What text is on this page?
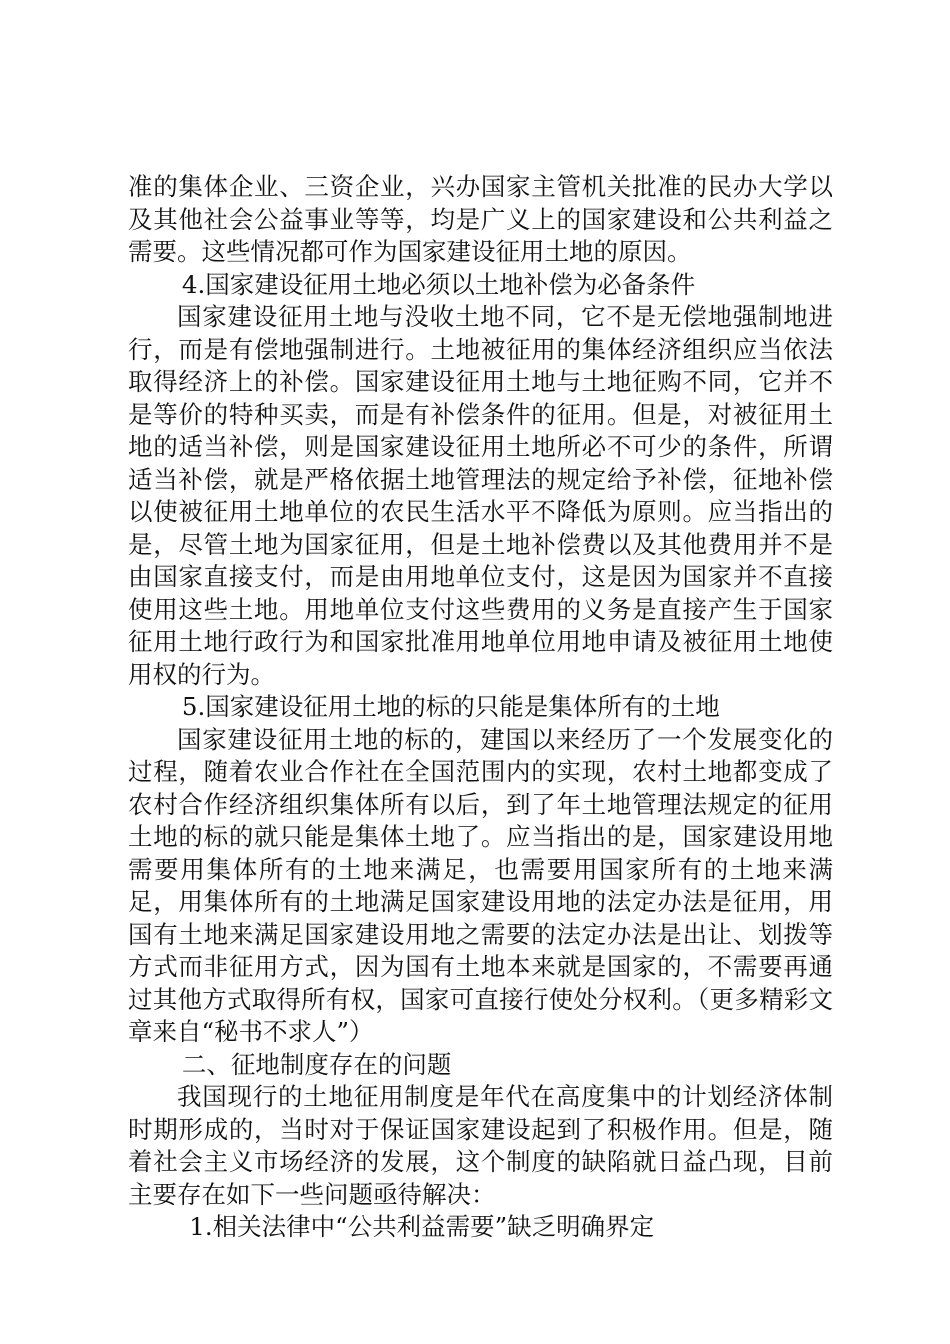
准的集体企业、三资企业，兴办国家主管机关批准的民办大学以及其他社会公益事业等等，均是广义上的国家建设和公共利益之需要。这些情况都可作为国家建设征用土地的原因。

4.国家建设征用土地必须以土地补偿为必备条件

国家建设征用土地与没收土地不同，它不是无偿地强制地进行，而是有偿地强制进行。土地被征用的集体经济组织应当依法取得经济上的补偿。国家建设征用土地与土地征购不同，它并不是等价的特种买卖，而是有补偿条件的征用。但是，对被征用土地的适当补偿，则是国家建设征用土地所必不可少的条件，所谓适当补偿，就是严格依据土地管理法的规定给予补偿，征地补偿以使被征用土地单位的农民生活水平不降低为原则。应当指出的是，尽管土地为国家征用，但是土地补偿费以及其他费用并不是由国家直接支付，而是由用地单位支付，这是因为国家并不直接使用这些土地。用地单位支付这些费用的义务是直接产生于国家征用土地行政行为和国家批准用地单位用地申请及被征用土地使用权的行为。

5.国家建设征用土地的标的只能是集体所有的土地

国家建设征用土地的标的，建国以来经历了一个发展变化的过程，随着农业合作社在全国范围内的实现，农村土地都变成了农村合作经济组织集体所有以后，到了年土地管理法规定的征用土地的标的就只能是集体土地了。应当指出的是，国家建设用地需要用集体所有的土地来满足，也需要用国家所有的土地来满足，用集体所有的土地满足国家建设用地的法定办法是征用，用国有土地来满足国家建设用地之需要的法定办法是出让、划拨等方式而非征用方式，因为国有土地本来就是国家的，不需要再通过其他方式取得所有权，国家可直接行使处分权利。（更多精彩文章来自“秘书不求人”）

二、征地制度存在的问题

我国现行的土地征用制度是年代在高度集中的计划经济体制时期形成的，当时对于保证国家建设起到了积极作用。但是，随着社会主义市场经济的发展，这个制度的缺陷就日益凸现，目前主要存在如下一些问题亟待解决：

1.相关法律中“公共利益需要”缺乏明确界定
